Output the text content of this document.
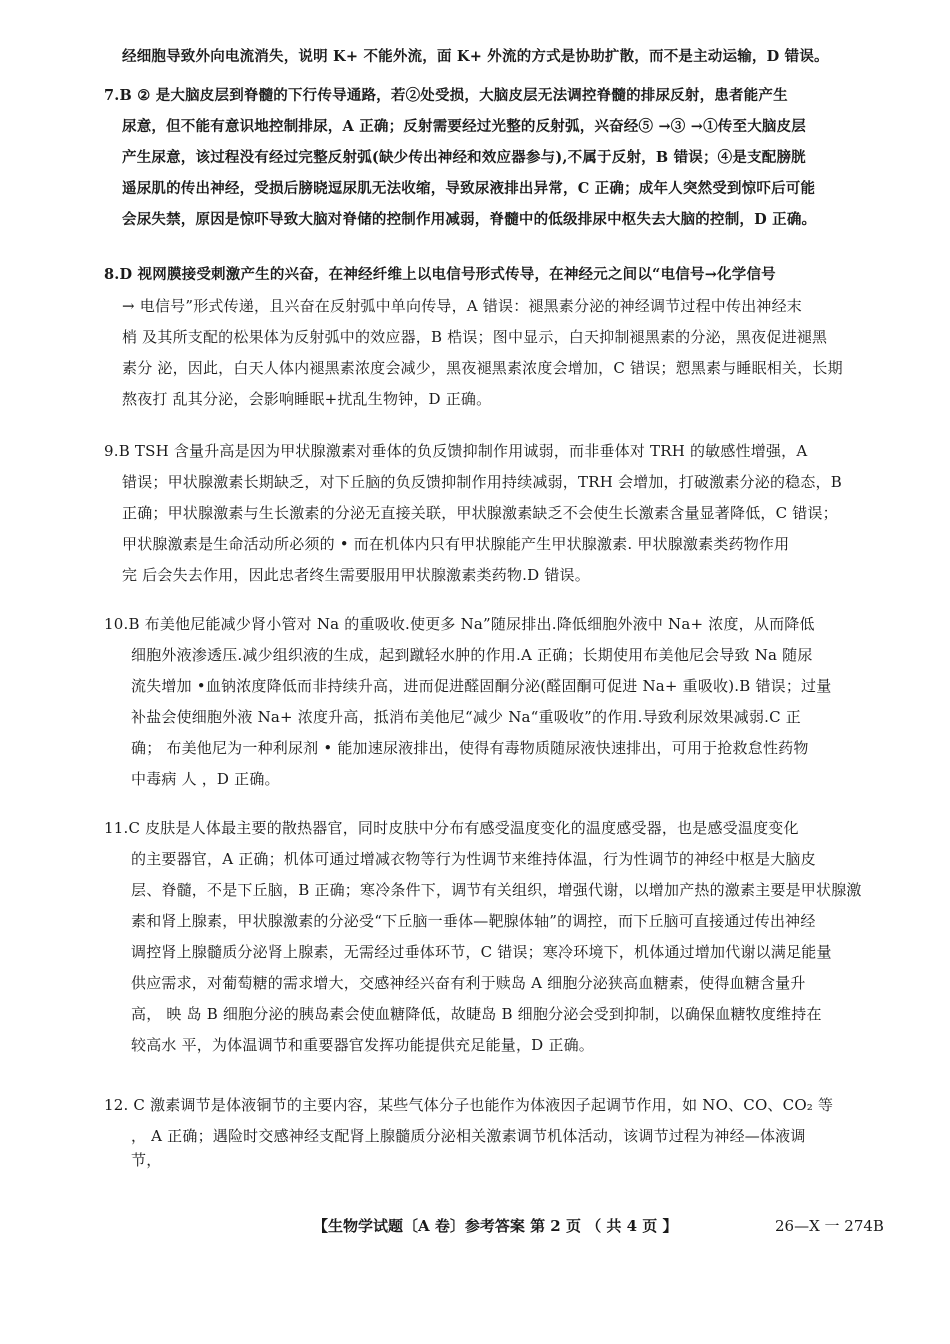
经细胞导致外向电流消失，说明 K+ 不能外流，面 K+ 外流的方式是协助扩散，而不是主动运输，D 错误。
7.B ② 是大脑皮层到脊髓的下行传导通路，若②处受损，大脑皮层无法调控脊髓的排尿反射，患者能产生
尿意，但不能有意识地控制排尿，A 正确；反射需要经过光整的反射弧，兴奋经⑤ →③ →①传至大脑皮层
产生尿意，该过程没有经过完整反射弧(缺少传出神经和效应器参与),不属于反射，B 错误；④是支配膀胱
遥尿肌的传出神经，受损后膀晓逗尿肌无法收缩，导致尿液排出异常，C 正确；成年人突然受到惊吓后可能
会尿失禁，原因是惊吓导致大脑对脊储的控制作用减弱，脊髓中的低级排尿中枢失去大脑的控制，D 正确。
8.D 视网膜接受刺激产生的兴奋，在神经纤维上以电信号形式传导，在神经元之间以“电信号→化学信号
→ 电信号”形式传递，且兴奋在反射弧中单向传导，A 错误：褪黑素分泌的神经调节过程中传出神经末
梢 及其所支配的松果体为反射弧中的效应器，B 梏误；图中显示，白天抑制褪黑素的分泌，黑夜促进褪黑
素分 泌，因此，白天人体内褪黑素浓度会减少，黑夜褪黑素浓度会增加，C 错误；愬黑素与睡眠相关，长期
熬夜打 乱其分泌，会影响睡眠+扰乱生物钟，D 正确。
9.B TSH 含量升高是因为甲状腺激素对垂体的负反馈抑制作用诚弱，而非垂体对 TRH 的敏感性增强，A
错误；甲状腺激素长期缺乏，对下丘脑的负反馈抑制作用持续减弱，TRH 会增加，打破激素分泌的稳态，B
正确；甲状腺激素与生长激素的分泌无直接关联，甲状腺激素缺乏不会使生长激素含量显著降低，C 错误；
甲状腺激素是生命活动所必须的 • 而在机体内只有甲状腺能产生甲状腺激素. 甲状腺激素类药物作用
完 后会失去作用，因此忠者终生需要服用甲状腺激素类药物.D 错误。
10.B 布美他尼能减少肾小管对 Na 的重吸收.使更多 Na”随尿排出.降低细胞外液中 Na+ 浓度，从而降低
细胞外液渗透压.减少组织液的生成，起到蹴轻水肿的作用.A 正确；长期使用布美他尼会导致 Na 随尿
流失增加 •血钠浓度降低而非持续升高，进而促进醛固酮分泌(醛固酮可促进 Na+ 重吸收).B 错误；过量
补盐会使细胞外液 Na+ 浓度升高，抵消布美他尼“减少 Na“重吸收”的作用.导致利尿效果减弱.C 正
确； 布美他尼为一种利尿剂 • 能加速尿液排出，使得有毒物质随尿液快速排出，可用于抢救怠性药物
中毒病 人 ，D 正确。
11.C 皮肤是人体最主要的散热器官，同时皮肤中分布有感受温度变化的温度感受器，也是感受温度变化
的主要器官，A 正确；机体可通过增减衣物等行为性调节来维持体温，行为性调节的神经中枢是大脑皮
层、脊髓，不是下丘脑，B 正确；寒冷条件下，调节有关组织，增强代谢，以增加产热的激素主要是甲状腺激
素和肾上腺素，甲状腺激素的分泌受“下丘脑一垂体—靶腺体轴”的调控，而下丘脑可直接通过传出神经
调控肾上腺髓质分泌肾上腺素，无需经过垂体环节，C 错误；寒冷环境下，机体通过增加代谢以满足能量
供应需求，对葡萄糖的需求增大，交感神经兴奋有利于赎岛 A 细胞分泌狭高血糖素，使得血糖含量升
高， 映 岛 B 细胞分泌的胰岛素会使血糖降低，故睫岛 B 细胞分泌会受到抑制，以确保血糖牧度维持在
较高水 平，为体温调节和重要器官发挥功能提供充足能量，D 正确。
12. C 激素调节是体液铜节的主要内容，某些气体分子也能作为体液因子起调节作用，如 NO、CO、CO₂ 等
， A 正确；遇险时交感神经支配肾上腺髓质分泌相关激素调节机体活动，该调节过程为神经—体液调
节，
【生物学试题〔A 卷〕参考答案 第 2 页 （ 共 4 页 】	26—X 一 274B
